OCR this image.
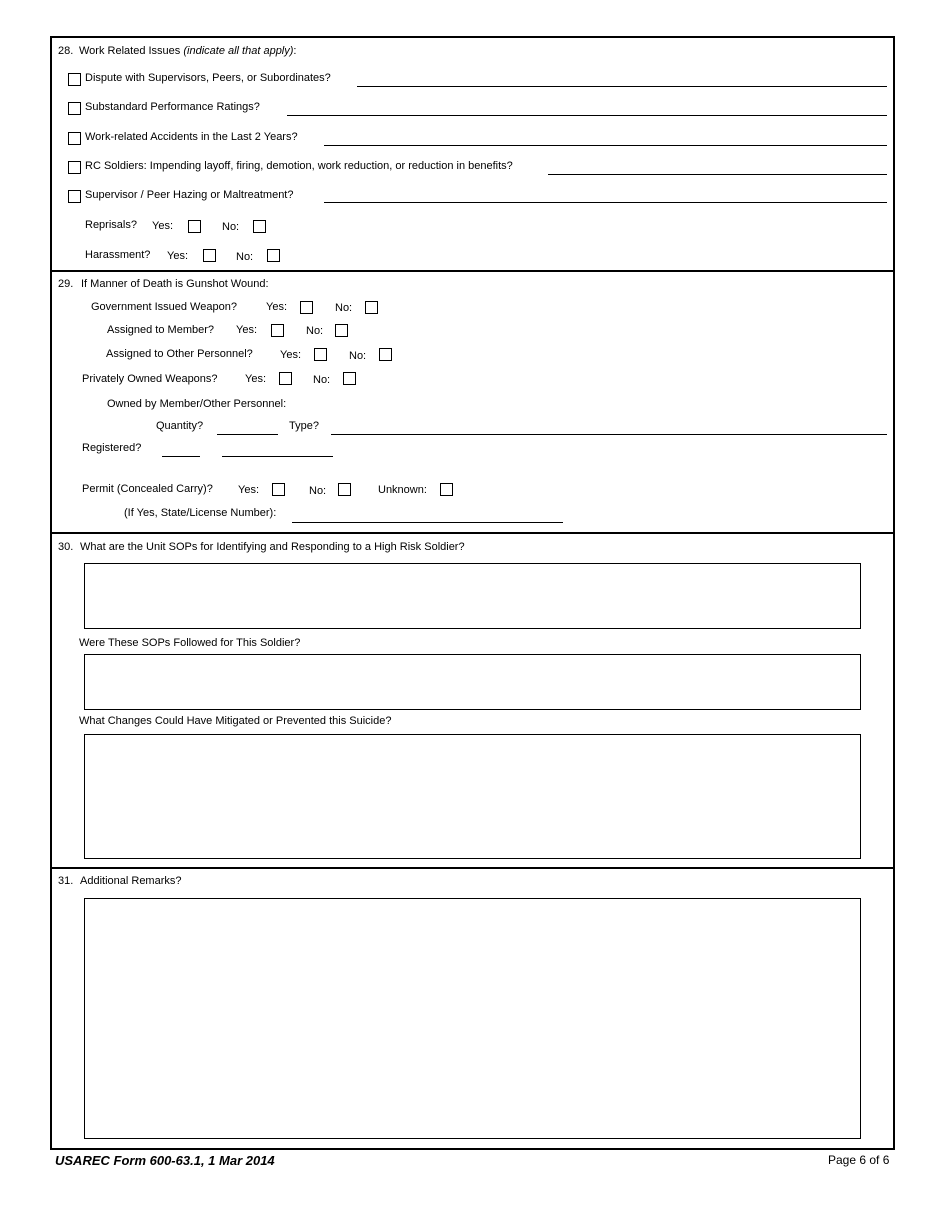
28. Work Related Issues (indicate all that apply):
Dispute with Supervisors, Peers, or Subordinates?
Substandard Performance Ratings?
Work-related Accidents in the Last 2 Years?
RC Soldiers: Impending layoff, firing, demotion, work reduction, or reduction in benefits?
Supervisor / Peer Hazing or Maltreatment?
Reprisals? Yes:	No:
Harassment? Yes:	No:
29. If Manner of Death is Gunshot Wound:
Government Issued Weapon?	Yes:	No:
Assigned to Member? Yes:	No:
Assigned to Other Personnel? Yes:	No:
Privately Owned Weapons? Yes:	No:
Owned by Member/Other Personnel:
Quantity?	Type?
Registered?
Permit (Concealed Carry)? Yes:	No:	Unknown:
(If Yes, State/License Number):
30. What are the Unit SOPs for Identifying and Responding to a High Risk Soldier?
Were These SOPs Followed for This Soldier?
What Changes Could Have Mitigated or Prevented this Suicide?
31. Additional Remarks?
USAREC Form 600-63.1, 1 Mar 2014	Page 6 of 6
